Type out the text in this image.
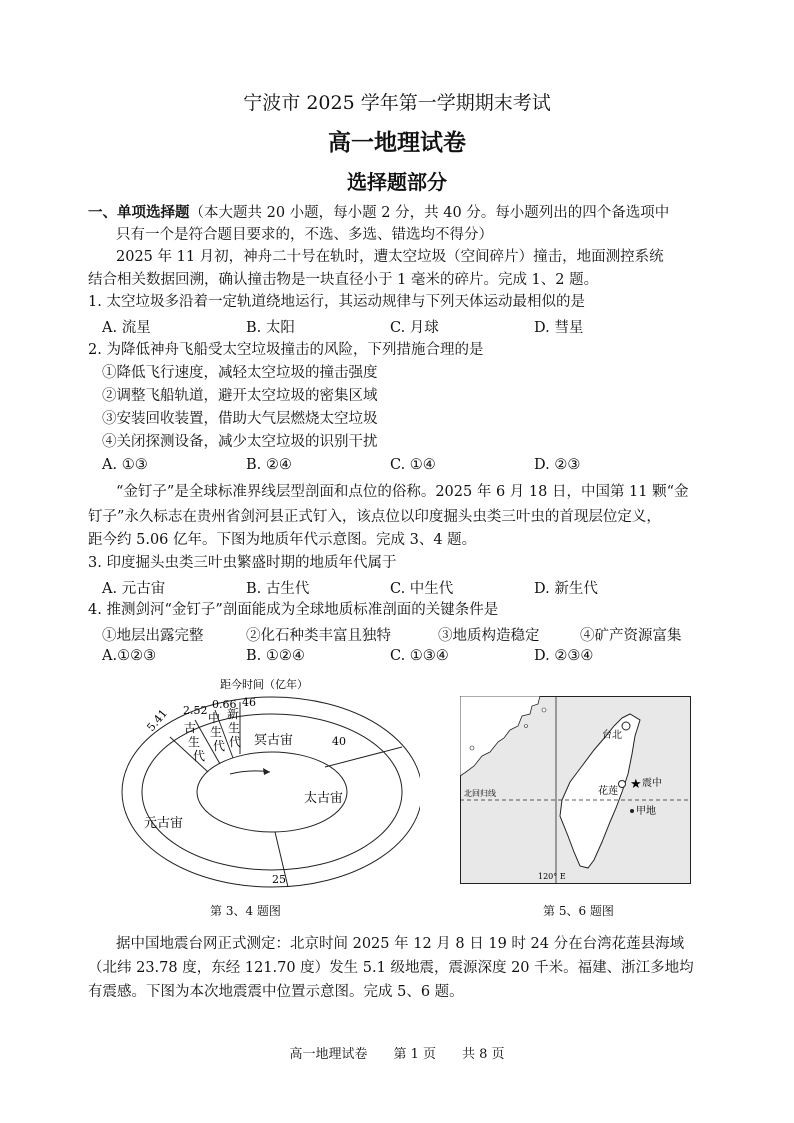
宁波市 2025 学年第一学期期末考试
高一地理试卷
选择题部分
一、单项选择题（本大题共 20 小题，每小题 2 分，共 40 分。每小题列出的四个备选项中
只有一个是符合题目要求的，不选、多选、错选均不得分）
2025 年 11 月初，神舟二十号在轨时，遭太空垃圾（空间碎片）撞击，地面测控系统
结合相关数据回溯，确认撞击物是一块直径小于 1 毫米的碎片。完成 1、2 题。
1. 太空垃圾多沿着一定轨道绕地运行，其运动规律与下列天体运动最相似的是
A. 流星	B. 太阳	C. 月球	D. 彗星
2. 为降低神舟飞船受太空垃圾撞击的风险，下列措施合理的是
①降低飞行速度，减轻太空垃圾的撞击强度
②调整飞船轨道，避开太空垃圾的密集区域
③安装回收装置，借助大气层燃烧太空垃圾
④关闭探测设备，减少太空垃圾的识别干扰
A. ①③	B. ②④	C. ①④	D. ②③
“金钉子”是全球标准界线层型剖面和点位的俗称。2025 年 6 月 18 日，中国第 11 颗“金
钉子”永久标志在贵州省剑河县正式钉入，该点位以印度掘头虫类三叶虫的首现层位定义，
距今约 5.06 亿年。下图为地质年代示意图。完成 3、4 题。
3. 印度掘头虫类三叶虫繁盛时期的地质年代属于
A. 元古宙	B. 古生代	C. 中生代	D. 新生代
4. 推测剑河“金钉子”剖面能成为全球地质标准剖面的关键条件是
①地层出露完整	②化石种类丰富且独特	③地质构造稳定	④矿产资源富集
A.①②③	B. ①②④	C. ①③④	D. ②③④
距今时间（亿年）
5.41 2.52 0.66 46
40
25
古 生 代
中 生 代
新 生 代 冥古宙
太古宙
元古宙
第 3、4 题图
台北
花莲 ★ 震中
甲地
北回归线
120° E
第 5、6 题图
据中国地震台网正式测定：北京时间 2025 年 12 月 8 日 19 时 24 分在台湾花莲县海域
（北纬 23.78 度，东经 121.70 度）发生 5.1 级地震，震源深度 20 千米。福建、浙江多地均
有震感。下图为本次地震震中位置示意图。完成 5、6 题。
高一地理试卷　　第 1 页　　共 8 页
